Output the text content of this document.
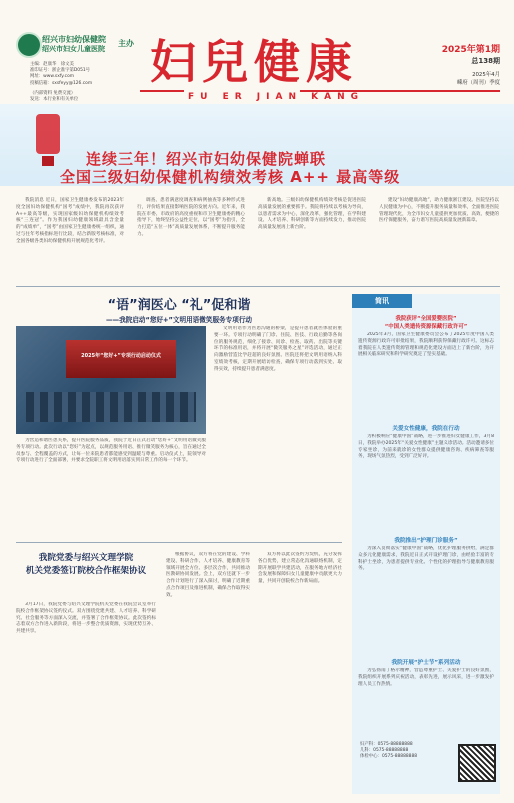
绍兴市妇幼保健院
绍兴市妇女儿童医院
主办
主编：赵康华　徐文美
准印证号：浙企准字第D051号
网址：www.sxfy.com
投稿信箱：sxsfeyy@126.com
（内部资料 免费交流）
发送：本行业和有关单位
妇兒健康
FU ER JIAN KANG
2025年第1期
总138期
2025年4月
嵊府（周刊）季度
连续三年！绍兴市妇幼保健院蝉联
全国三级妇幼保健机构绩效考核 A++ 最高等级

我院消息 近日，国家卫生健康委发布的2023年度全国妇幼保健机构“国考”成绩中，我院再次获评A++最高等级，实现国家级妇幼保健机构绩效考核“三连冠”。作为我国妇幼健康领域最具含金量的“成绩单”，“国考”由国家卫生健康委统一组织，通过与往年考核指标进行比较，结合新版考核标准，对全国各级各类妇幼保健机构开展规范化考评。

调查、患者满意度调查和病例抽查等多种形式进行，评价结果直接影响医院的发展方向。近年来，我院在市委、市政府的高度重视和市卫生健康委的精心指导下，始终坚持公益性定位，以“国考”为指引，全力打造“五位一体”高质量发展体系，不断提升服务能力。

新高地。三级妇幼保健机构绩效考核是促进医院高质量发展的重要抓手。我院将持续以考核为导向，以患者需求为中心，深化改革，强化管理，在学科建设、人才培养、科研创新等方面持续发力，推动医院高质量发展再上新台阶。

建设“妇幼健康高地”，助力健康浙江建设。医院坚持以人民健康为中心，不断提升服务质量和效率，全面推进医院管理现代化，为全市妇女儿童提供更加优质、高效、便捷的医疗保健服务，奋力谱写医院高质量发展新篇章。

“语”润医心 “礼”促和谐
——我院启动“您好+”文明用语微笑服务专项行动
2025年“您好+”专项行动启动仪式

为营造和谐医患关系，提升医院服务品质，我院于近日正式启动“您好+”文明用语微笑服务专项行动。此次行动以“您好”为起点，以规范服务用语、推行微笑服务为核心，旨在通过全员参与、全程覆盖的方式，让每一位来院患者都能感受到温暖与尊重。启动仪式上，院领导对专项行动进行了全面部署，并要求全院职工将文明用语落实到日常工作的每一个环节。

文明用语作为医患沟通的桥梁，是提升患者就医体验的重要一环。专项行动明确了门诊、住院、医技、行政后勤等各岗位的服务规范，细化了接诊、问诊、检查、取药、出院等关键环节的标准用语，并将开展“微笑服务之星”评选活动，通过正向激励营造比学赶超的良好氛围。医院还将把文明用语纳入科室绩效考核，定期开展暗访检查，确保专项行动落到实处、取得实效，持续提升患者满意度。

我院党委与绍兴文理学院
机关党委签订院校合作框架协议

3月17日，我院党委与绍兴文理学院机关党委在我院会议室举行院校合作框架协议签约仪式。双方围绕党建共建、人才培养、科学研究、社会服务等方面深入交流，并签署了合作框架协议。此次签约标志着双方合作进入新阶段，将进一步整合优质资源，实现优势互补、共建共享。

根据协议，双方将在党的建设、学科建设、科研合作、人才培养、健康教育等领域开展全方位、多层次合作，共同推动医教研协同发展。会上，双方还就下一步合作计划进行了深入探讨，明确了近期重点合作项目及推进机制，确保合作取得实效。

双方将以此次签约为契机，充分发挥各自优势，建立常态化沟通联络机制，定期开展联学共建活动，在服务地方经济社会发展和保障妇女儿童健康中贡献更大力量，共同开创院校合作新局面。

简讯
我院获评“全国爱婴医院”
“中国人类遗传资源保藏行政许可”

2025年3月，国家卫生健康委员会公布了2025年度中国人类遗传资源行政许可审批结果，我院顺利获得保藏行政许可。这标志着我院在人类遗传资源管理和规范化建设方面迈上了新台阶，为开展相关临床研究和科学研究奠定了坚实基础。

关爱女性健康，我院在行动

为积极响应“健康中国”战略，进一步推进妇女健康工作，3月8日，我院举办2025年“关爱女性健康”主题义诊活动。活动邀请多位专家坐诊，为前来就诊的女性群众提供健康咨询、疾病筛查等服务，现场气氛热烈，受到广泛好评。

我院推出“护理门诊服务”

为深入贯彻落实“健康中国”战略，优化护理服务供给，满足群众多元化健康需求，我院近日正式开设护理门诊，由经验丰富的专科护士坐诊，为患者提供专业化、个性化的护理指导与健康教育服务。

我院开展“护士节”系列活动

为弘扬南丁格尔精神，营造尊重护士、关爱护士的良好氛围，我院组织开展系列庆祝活动，表彰先进，展示风采，进一步激发护理人员工作热情。

妇产科：0575-88888888
儿科：0575-88888888
体检中心：0575-88888888
